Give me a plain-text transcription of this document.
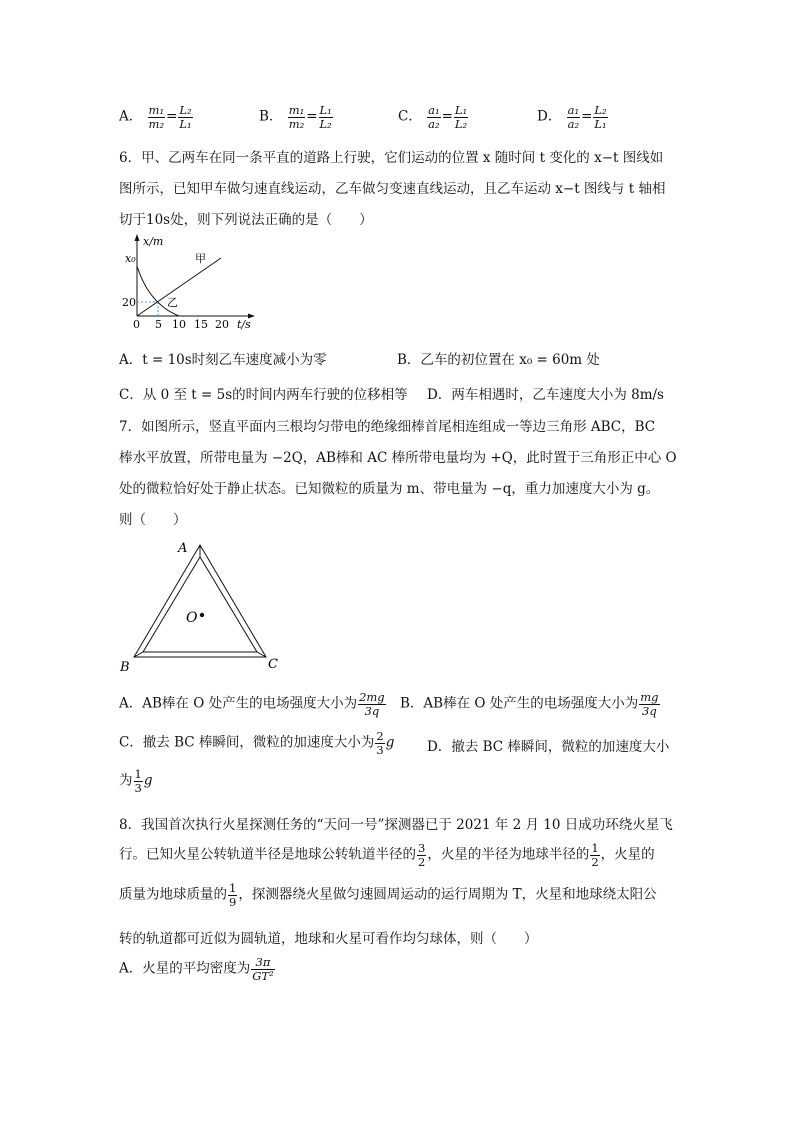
A． $\frac{\text{m₁}}{\text{m₂}} = \frac{\text{L₂}}{\text{L₁}}$	B． $\frac{\text{m₁}}{\text{m₂}} = \frac{\text{L₁}}{\text{L₂}}$	C． $\frac{\text{a₁}}{\text{a₂}} = \frac{\text{L₁}}{\text{L₂}}$	D． $\frac{\text{a₁}}{\text{a₂}} = \frac{\text{L₂}}{\text{L₁}}$
6．甲、乙两车在同一条平直的道路上行驶，它们运动的位置 x 随时间 t 变化的 x−t 图线如
图所示，已知甲车做匀速直线运动，乙车做匀变速直线运动，且乙车运动 x−t 图线与 t 轴相
切于10s处，则下列说法正确的是（　　）
x/m
x₀
20
甲
乙
0 5 10 15 20 t/s
A．t = 10s时刻乙车速度减小为零	B．乙车的初位置在 x₀ = 60m 处
C．从 0 至 t = 5s的时间内两车行驶的位移相等 D．两车相遇时，乙车速度大小为 8m/s
7．如图所示，竖直平面内三根均匀带电的绝缘细棒首尾相连组成一等边三角形 ABC，BC
棒水平放置，所带电量为 −2Q，AB棒和 AC 棒所带电量均为 +Q，此时置于三角形正中心 O
处的微粒恰好处于静止状态。已知微粒的质量为 m、带电量为 −q，重力加速度大小为 g。
则（　　）
A
B	C
O
A．AB棒在 O 处产生的电场强度大小为 $\frac{2mg}{3q}$ B．AB棒在 O 处产生的电场强度大小为 $\frac{mg}{3q}$
C．撤去 BC 棒瞬间，微粒的加速度大小为 $\frac{2}{3}$ g D．撤去 BC 棒瞬间，微粒的加速度大小
为 $\frac{1}{3}$ g
8．我国首次执行火星探测任务的“天问一号”探测器已于 2021 年 2 月 10 日成功环绕火星飞
行。已知火星公转轨道半径是地球公转轨道半径的 $\frac{3}{2}$ ，火星的半径为地球半径的 $\frac{1}{2}$ ，火星的
质量为地球质量的 $\frac{1}{9}$ ，探测器绕火星做匀速圆周运动的运行周期为 T，火星和地球绕太阳公
转的轨道都可近似为圆轨道，地球和火星可看作均匀球体，则（　　）
A．火星的平均密度为 $\frac{3\pi}{\text{GT²}}$
